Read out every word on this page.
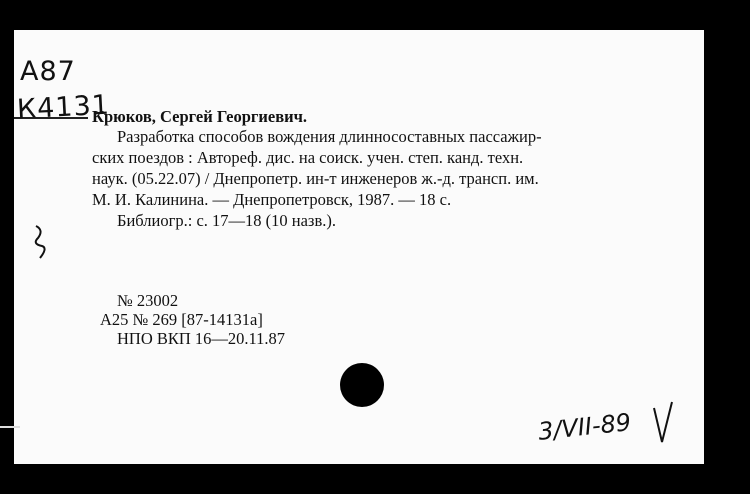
А87
К4131
Крюков, Сергей Георгиевич.
Разработка способов вождения длинносоставных пассажир-
ских поездов : Автореф. дис. на соиск. учен. степ. канд. техн.
наук. (05.22.07) / Днепропетр. ин-т инженеров ж.-д. трансп. им.
М. И. Калинина. — Днепропетровск, 1987. — 18 с.
Библиогр.: с. 17—18 (10 назв.).
№ 23002
А25 № 269 [87-14131а]
НПО ВКП 16—20.11.87
3/VII-89
